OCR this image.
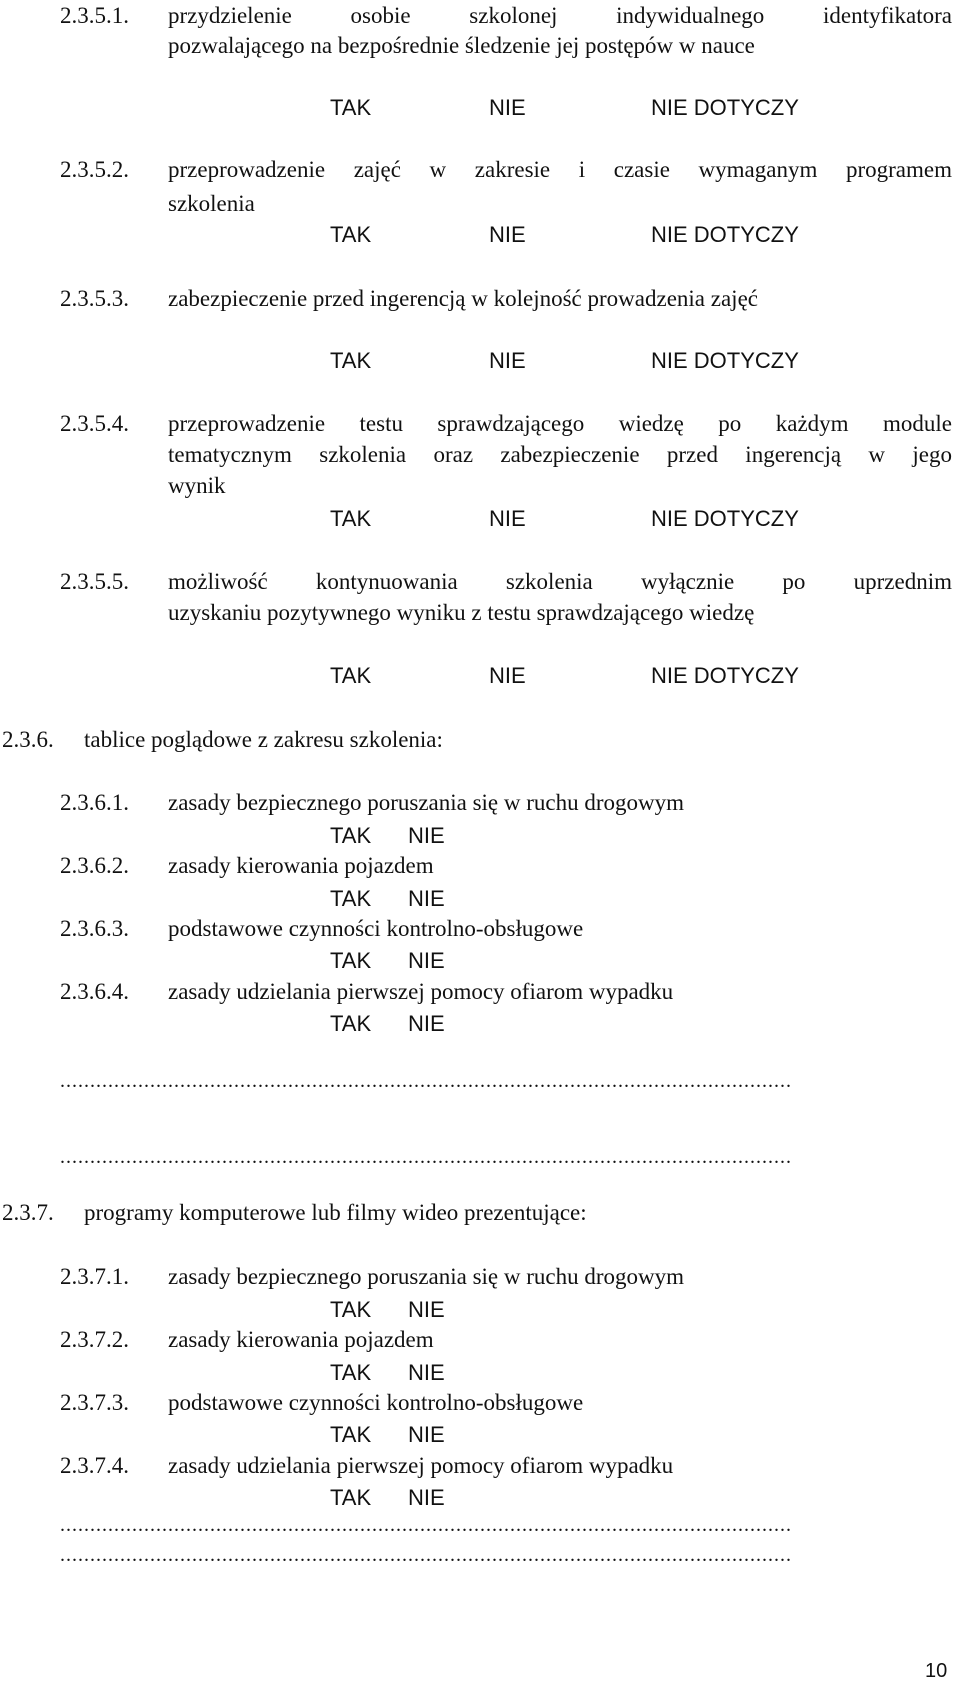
2.3.5.1. przydzielenie osobie szkolonej indywidualnego identyfikatora
pozwalającego na bezpośrednie śledzenie jej postępów w nauce
TAK	NIE	NIE DOTYCZY
2.3.5.2. przeprowadzenie zajęć w zakresie i czasie wymaganym programem
szkolenia
TAK	NIE	NIE DOTYCZY
2.3.5.3. zabezpieczenie przed ingerencją w kolejność prowadzenia zajęć
TAK	NIE	NIE DOTYCZY
2.3.5.4. przeprowadzenie testu sprawdzającego wiedzę po każdym module
tematycznym szkolenia oraz zabezpieczenie przed ingerencją w jego
wynik
TAK	NIE	NIE DOTYCZY
2.3.5.5. możliwość kontynuowania szkolenia wyłącznie po uprzednim
uzyskaniu pozytywnego wyniku z testu sprawdzającego wiedzę
TAK	NIE	NIE DOTYCZY
2.3.6. tablice poglądowe z zakresu szkolenia:
2.3.6.1. zasady bezpiecznego poruszania się w ruchu drogowym
TAK NIE
2.3.6.2. zasady kierowania pojazdem
TAK NIE
2.3.6.3. podstawowe czynności kontrolno-obsługowe
TAK NIE
2.3.6.4. zasady udzielania pierwszej pomocy ofiarom wypadku
TAK NIE
..........................................................................................................................
..........................................................................................................................
2.3.7. programy komputerowe lub filmy wideo prezentujące:
2.3.7.1. zasady bezpiecznego poruszania się w ruchu drogowym
TAK NIE
2.3.7.2. zasady kierowania pojazdem
TAK NIE
2.3.7.3. podstawowe czynności kontrolno-obsługowe
TAK NIE
2.3.7.4. zasady udzielania pierwszej pomocy ofiarom wypadku
TAK NIE
..........................................................................................................................
..........................................................................................................................
10
